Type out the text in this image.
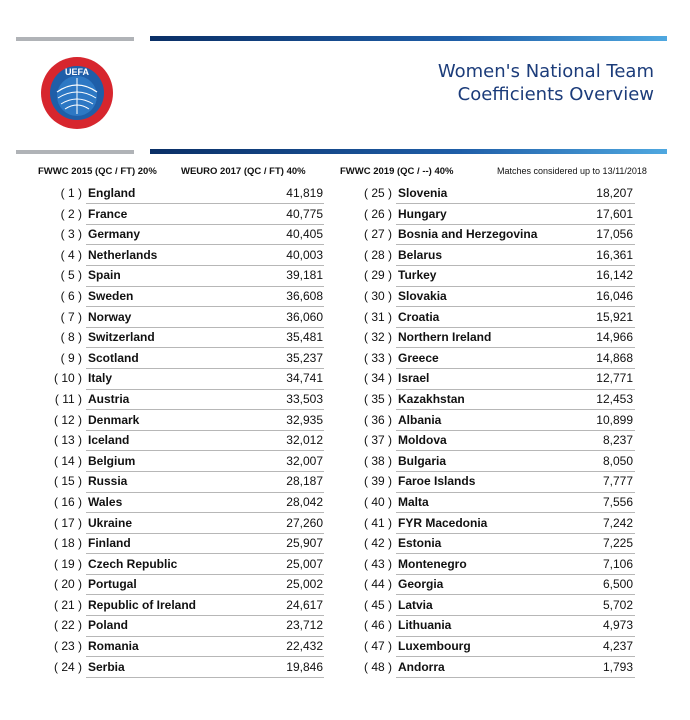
UEFA	Women's National Team
Coefficients Overview
FWWC 2015 (QC / FT) 20%	WEURO 2017 (QC / FT) 40%	FWWC 2019 (QC / --) 40%	Matches considered up to 13/11/2018
( 1 ) England	41,819
( 2 ) France	40,775
( 3 ) Germany	40,405
( 4 ) Netherlands	40,003
( 5 ) Spain	39,181
( 6 ) Sweden	36,608
( 7 ) Norway	36,060
( 8 ) Switzerland	35,481
( 9 ) Scotland	35,237
( 10 ) Italy	34,741
( 11 ) Austria	33,503
( 12 ) Denmark	32,935
( 13 ) Iceland	32,012
( 14 ) Belgium	32,007
( 15 ) Russia	28,187
( 16 ) Wales	28,042
( 17 ) Ukraine	27,260
( 18 ) Finland	25,907
( 19 ) Czech Republic	25,007
( 20 ) Portugal	25,002
( 21 ) Republic of Ireland	24,617
( 22 ) Poland	23,712
( 23 ) Romania	22,432
( 24 ) Serbia	19,846
( 25 ) Slovenia	18,207
( 26 ) Hungary	17,601
( 27 ) Bosnia and Herzegovina	17,056
( 28 ) Belarus	16,361
( 29 ) Turkey	16,142
( 30 ) Slovakia	16,046
( 31 ) Croatia	15,921
( 32 ) Northern Ireland	14,966
( 33 ) Greece	14,868
( 34 ) Israel	12,771
( 35 ) Kazakhstan	12,453
( 36 ) Albania	10,899
( 37 ) Moldova	8,237
( 38 ) Bulgaria	8,050
( 39 ) Faroe Islands	7,777
( 40 ) Malta	7,556
( 41 ) FYR Macedonia	7,242
( 42 ) Estonia	7,225
( 43 ) Montenegro	7,106
( 44 ) Georgia	6,500
( 45 ) Latvia	5,702
( 46 ) Lithuania	4,973
( 47 ) Luxembourg	4,237
( 48 ) Andorra	1,793
